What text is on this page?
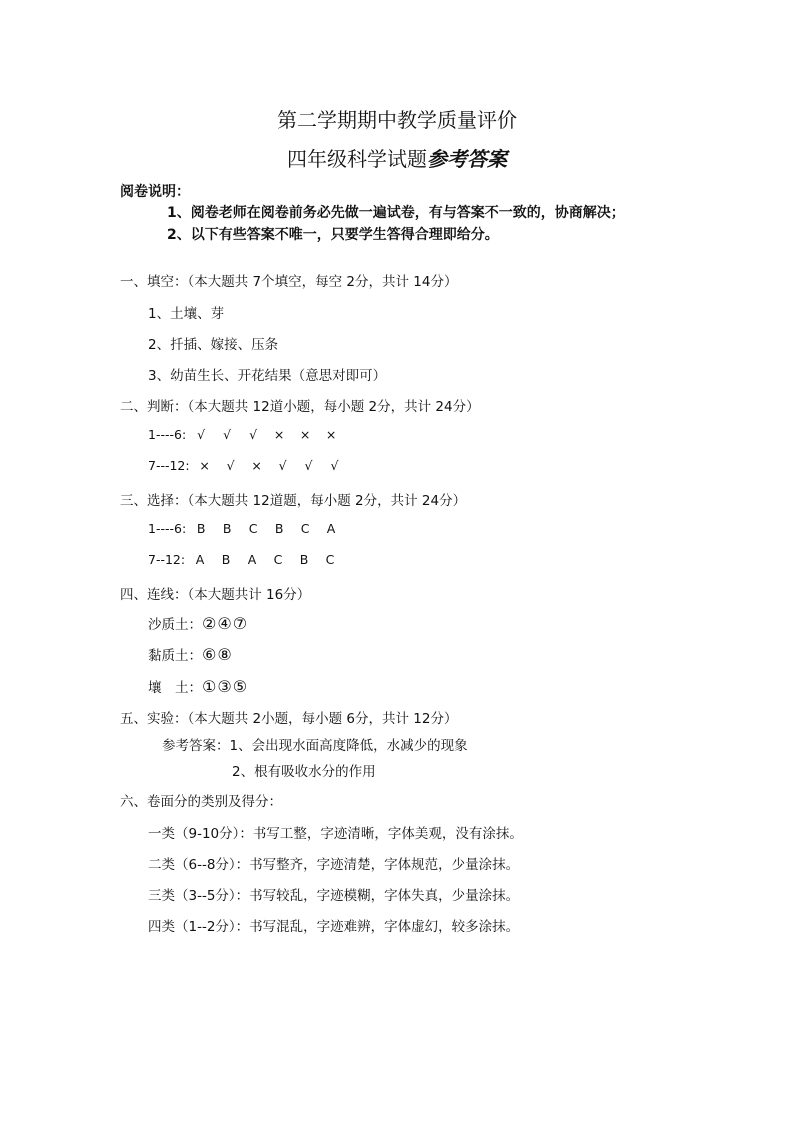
第二学期期中教学质量评价
四年级科学试题参考答案
阅卷说明：
1、阅卷老师在阅卷前务必先做一遍试卷，有与答案不一致的，协商解决；
2、以下有些答案不唯一，只要学生答得合理即给分。
一、填空：（本大题共 7个填空，每空 2分，共计 14分）
1、土壤、芽
2、扦插、嫁接、压条
3、幼苗生长、开花结果（意思对即可）
二、判断：（本大题共 12道小题，每小题 2分，共计 24分）
1----6: √ √ √ × × ×
7---12: × √ × √ √ √
三、选择：（本大题共 12道题，每小题 2分，共计 24分）
1----6: B B C B C A
7--12: A B A C B C
四、连线：（本大题共计 16分）
沙质土：②④⑦
黏质土：⑥⑧
壤　土：①③⑤
五、实验：（本大题共 2小题，每小题 6分，共计 12分）
参考答案：1、会出现水面高度降低，水减少的现象
2、根有吸收水分的作用
六、卷面分的类别及得分：
一类（9-10分）：书写工整，字迹清晰，字体美观，没有涂抹。
二类（6--8分）：书写整齐，字迹清楚，字体规范，少量涂抹。
三类（3--5分）：书写较乱，字迹模糊，字体失真，少量涂抹。
四类（1--2分）：书写混乱，字迹难辨，字体虚幻，较多涂抹。
